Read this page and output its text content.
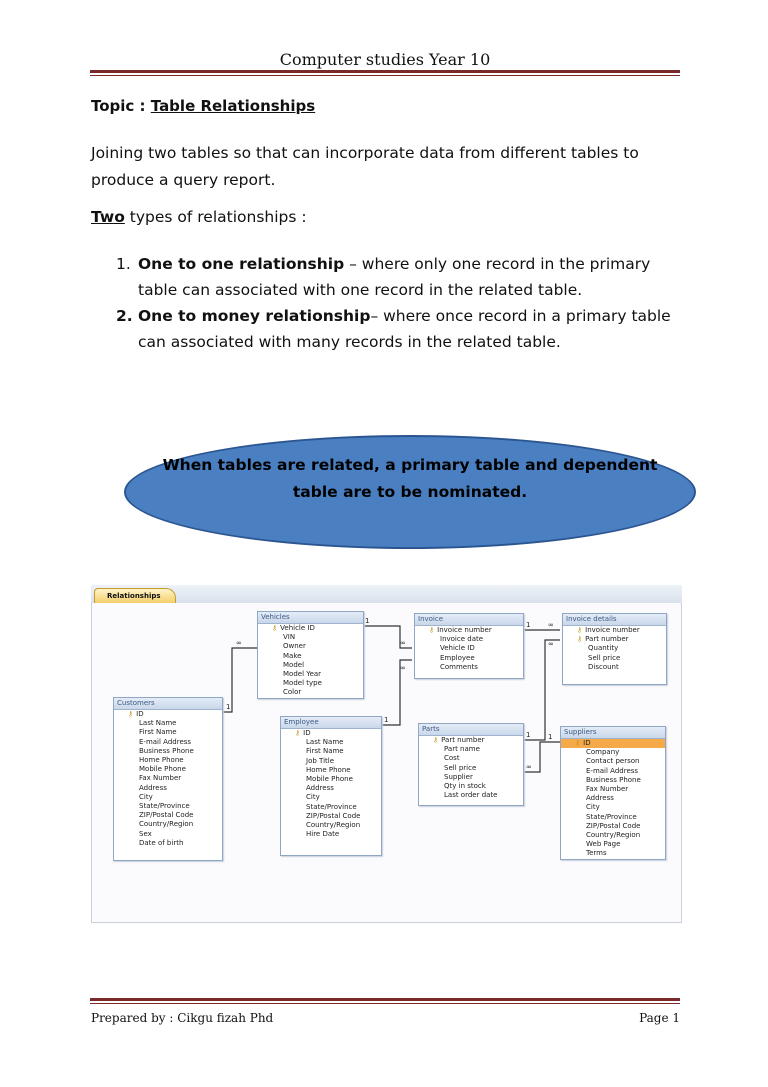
Computer studies Year 10
Topic : Table Relationships
Joining two tables so that can incorporate data from different tables to produce a query report.
Two types of relationships :
1. One to one relationship – where only one record in the primary table can associated with one record in the related table.
2. One to money relationship– where once record in a primary table can associated with many records in the related table.
When tables are related, a primary table and dependent table are to be nominated.
Relationships
1
∞
1
∞
1
∞
1	∞
1
∞
∞
1
Vehicles
⚷ Vehicle ID
VIN
Owner
Make
Model
Model Year
Model type
Color
Invoice
⚷ Invoice number
Invoice date
Vehicle ID
Employee
Comments
Invoice details
⚷ Invoice number
⚷ Part number
Quantity
Sell price
Discount
Customers
⚷ ID
Last Name
First Name
E-mail Address
Business Phone
Home Phone
Mobile Phone
Fax Number
Address
City
State/Province
ZIP/Postal Code
Country/Region
Sex
Date of birth
Employee
⚷ ID
Last Name
First Name
Job Title
Home Phone
Mobile Phone
Address
City
State/Province
ZIP/Postal Code
Country/Region
Hire Date
Parts
⚷ Part number
Part name
Cost
Sell price
Supplier
Qty in stock
Last order date
Suppliers
⚷ ID
Company
Contact person
E-mail Address
Business Phone
Fax Number
Address
City
State/Province
ZIP/Postal Code
Country/Region
Web Page
Terms
Prepared by : Cikgu fizah Phd	Page 1
